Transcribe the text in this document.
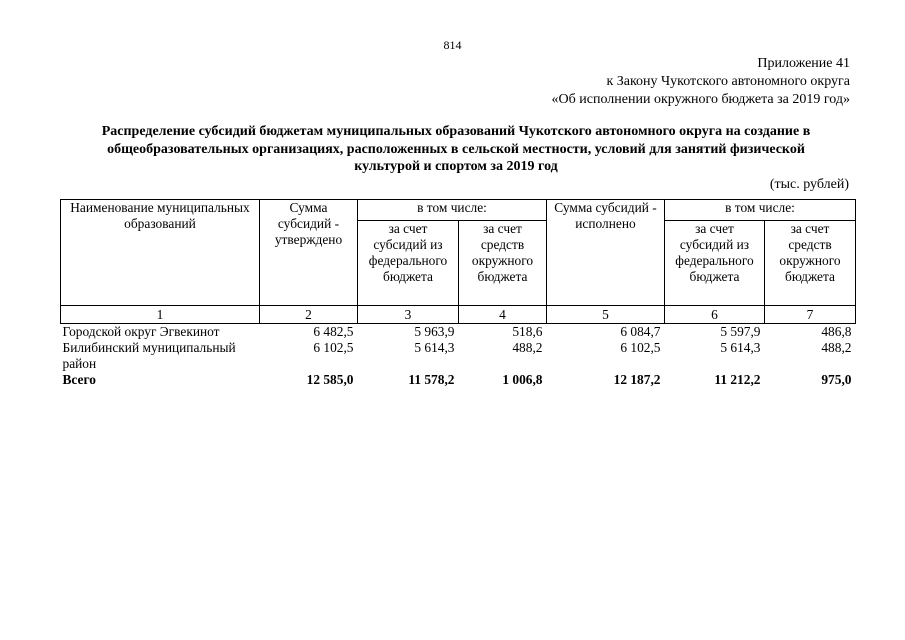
814
Приложение 41
к Закону Чукотского автономного округа
«Об исполнении окружного бюджета за 2019 год»
Распределение субсидий бюджетам муниципальных образований Чукотского автономного округа на создание в
общеобразовательных организациях, расположенных в сельской местности, условий для занятий физической
культурой и спортом за 2019 год
(тыс. рублей)
Наименование муниципальных образований	Сумма субсидий - утверждено	в том числе:		Сумма субсидий - исполнено	в том числе:	
		за счет субсидий из федерального бюджета	за счет средств окружного бюджета		за счет субсидий из федерального бюджета	за счет средств окружного бюджета
1	2	3	4	5	6	7
Городской округ Эгвекинот	6 482,5	5 963,9	518,6	6 084,7	5 597,9	486,8
Билибинский муниципальный район	6 102,5	5 614,3	488,2	6 102,5	5 614,3	488,2
Всего	12 585,0	11 578,2	1 006,8	12 187,2	11 212,2	975,0
